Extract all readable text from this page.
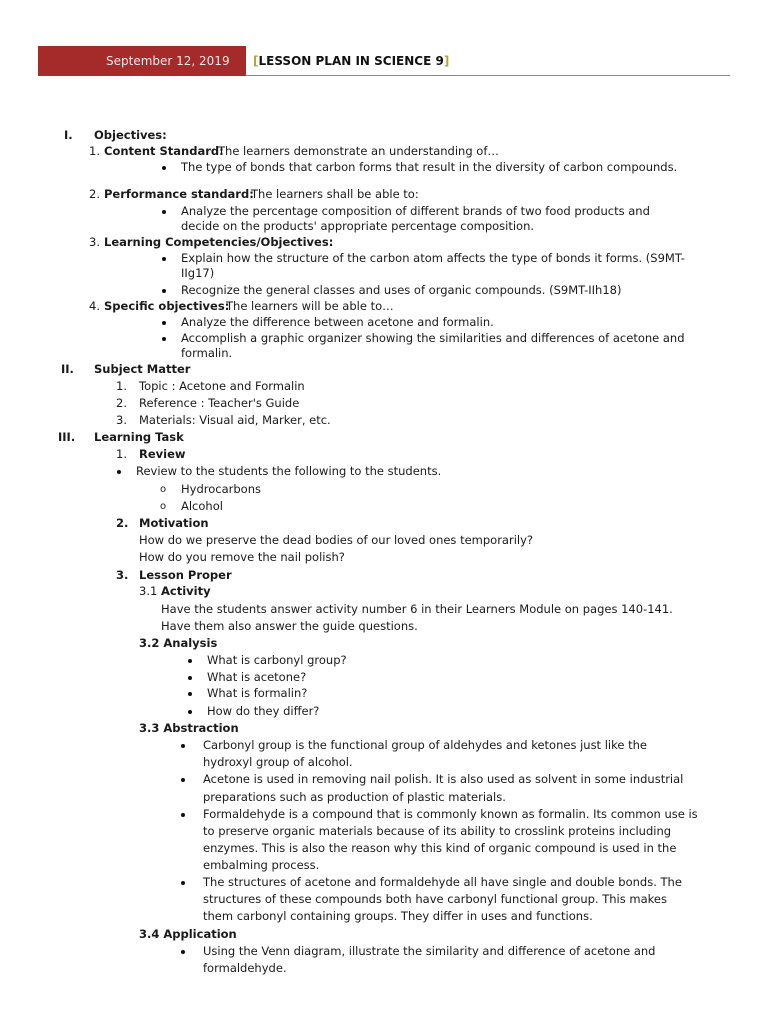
September 12, 2019 [LESSON PLAN IN SCIENCE 9]
I. Objectives:
1. Content Standard:
The learners demonstrate an understanding of…
The type of bonds that carbon forms that result in the diversity of carbon compounds.
2. Performance standard:
The learners shall be able to:
Analyze the percentage composition of different brands of two food products and
decide on the products' appropriate percentage composition.
3. Learning Competencies/Objectives:
Explain how the structure of the carbon atom affects the type of bonds it forms. (S9MT-
IIg17)
Recognize the general classes and uses of organic compounds. (S9MT-IIh18)
4. Specific objectives:
The learners will be able to…
Analyze the difference between acetone and formalin.
Accomplish a graphic organizer showing the similarities and differences of acetone and
formalin.
II. Subject Matter
1. Topic : Acetone and Formalin
2. Reference : Teacher's Guide
3. Materials: Visual aid, Marker, etc.
III. Learning Task
1. Review
Review to the students the following to the students.
o Hydrocarbons
o Alcohol
2. Motivation
How do we preserve the dead bodies of our loved ones temporarily?
How do you remove the nail polish?
3. Lesson Proper
3.1 Activity
Have the students answer activity number 6 in their Learners Module on pages 140-141.
Have them also answer the guide questions.
3.2 Analysis
What is carbonyl group?
What is acetone?
What is formalin?
How do they differ?
3.3 Abstraction
Carbonyl group is the functional group of aldehydes and ketones just like the
hydroxyl group of alcohol.
Acetone is used in removing nail polish. It is also used as solvent in some industrial
preparations such as production of plastic materials.
Formaldehyde is a compound that is commonly known as formalin. Its common use is
to preserve organic materials because of its ability to crosslink proteins including
enzymes. This is also the reason why this kind of organic compound is used in the
embalming process.
The structures of acetone and formaldehyde all have single and double bonds. The
structures of these compounds both have carbonyl functional group. This makes
them carbonyl containing groups. They differ in uses and functions.
3.4 Application
Using the Venn diagram, illustrate the similarity and difference of acetone and
formaldehyde.
